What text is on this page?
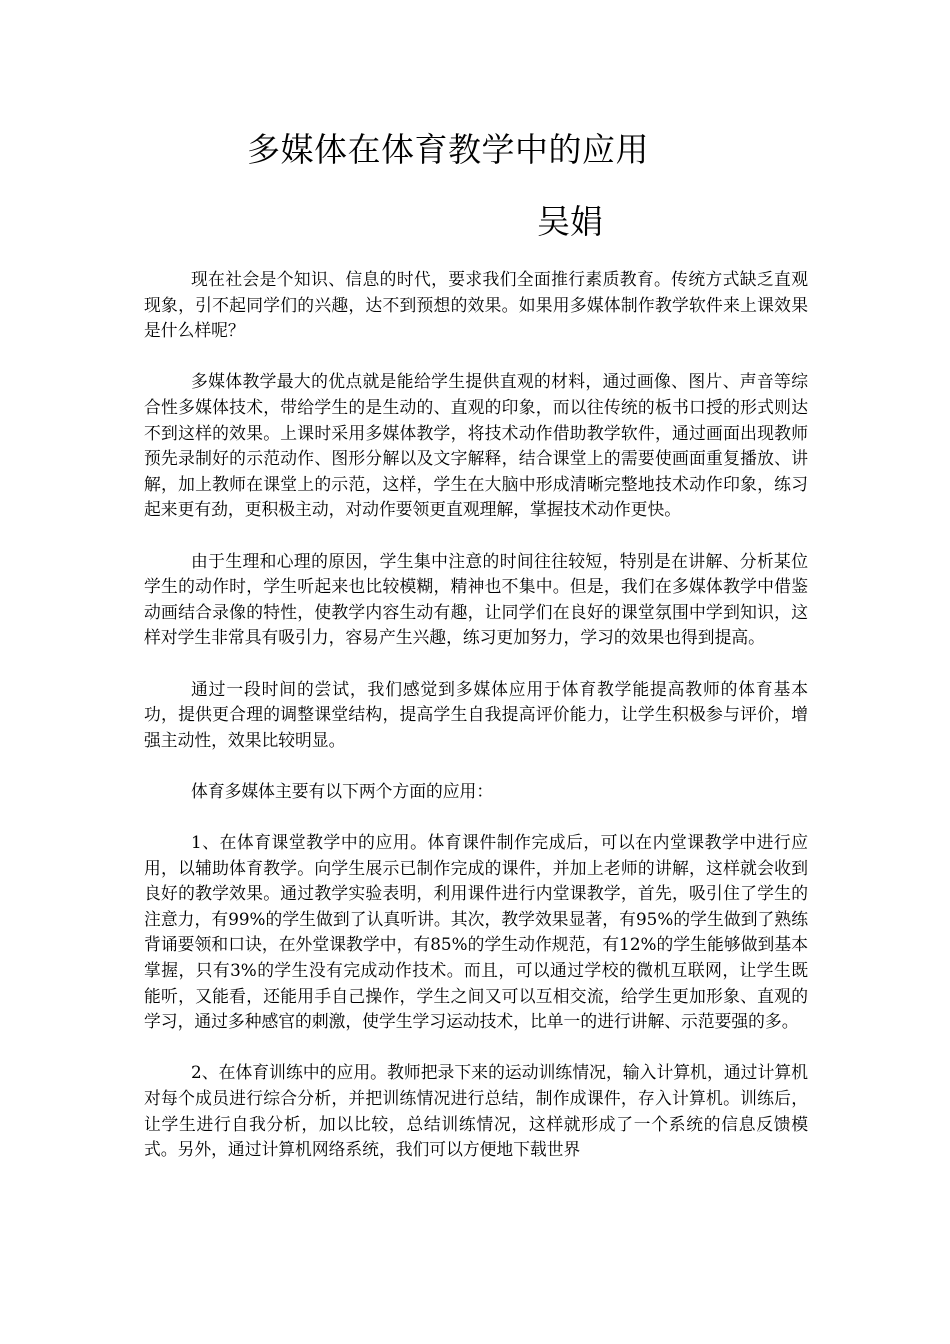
多媒体在体育教学中的应用
吴娟

现在社会是个知识、信息的时代，要求我们全面推行素质教育。传统方式缺乏直观现象，引不起同学们的兴趣，达不到预想的效果。如果用多媒体制作教学软件来上课效果是什么样呢？

多媒体教学最大的优点就是能给学生提供直观的材料，通过画像、图片、声音等综合性多媒体技术，带给学生的是生动的、直观的印象，而以往传统的板书口授的形式则达不到这样的效果。上课时采用多媒体教学，将技术动作借助教学软件，通过画面出现教师预先录制好的示范动作、图形分解以及文字解释，结合课堂上的需要使画面重复播放、讲解，加上教师在课堂上的示范，这样，学生在大脑中形成清晰完整地技术动作印象，练习起来更有劲，更积极主动，对动作要领更直观理解，掌握技术动作更快。

由于生理和心理的原因，学生集中注意的时间往往较短，特别是在讲解、分析某位学生的动作时，学生听起来也比较模糊，精神也不集中。但是，我们在多媒体教学中借鉴动画结合录像的特性，使教学内容生动有趣，让同学们在良好的课堂氛围中学到知识，这样对学生非常具有吸引力，容易产生兴趣，练习更加努力，学习的效果也得到提高。

通过一段时间的尝试，我们感觉到多媒体应用于体育教学能提高教师的体育基本功，提供更合理的调整课堂结构，提高学生自我提高评价能力，让学生积极参与评价，增强主动性，效果比较明显。

体育多媒体主要有以下两个方面的应用：

1、在体育课堂教学中的应用。体育课件制作完成后，可以在内堂课教学中进行应用，以辅助体育教学。向学生展示已制作完成的课件，并加上老师的讲解，这样就会收到良好的教学效果。通过教学实验表明，利用课件进行内堂课教学，首先，吸引住了学生的注意力，有99%的学生做到了认真听讲。其次，教学效果显著，有95%的学生做到了熟练背诵要领和口诀，在外堂课教学中，有85%的学生动作规范，有12%的学生能够做到基本掌握，只有3%的学生没有完成动作技术。而且，可以通过学校的微机互联网，让学生既能听，又能看，还能用手自己操作，学生之间又可以互相交流，给学生更加形象、直观的学习，通过多种感官的刺激，使学生学习运动技术，比单一的进行讲解、示范要强的多。

2、在体育训练中的应用。教师把录下来的运动训练情况，输入计算机，通过计算机对每个成员进行综合分析，并把训练情况进行总结，制作成课件，存入计算机。训练后，让学生进行自我分析，加以比较，总结训练情况，这样就形成了一个系统的信息反馈模式。另外，通过计算机网络系统，我们可以方便地下载世界
